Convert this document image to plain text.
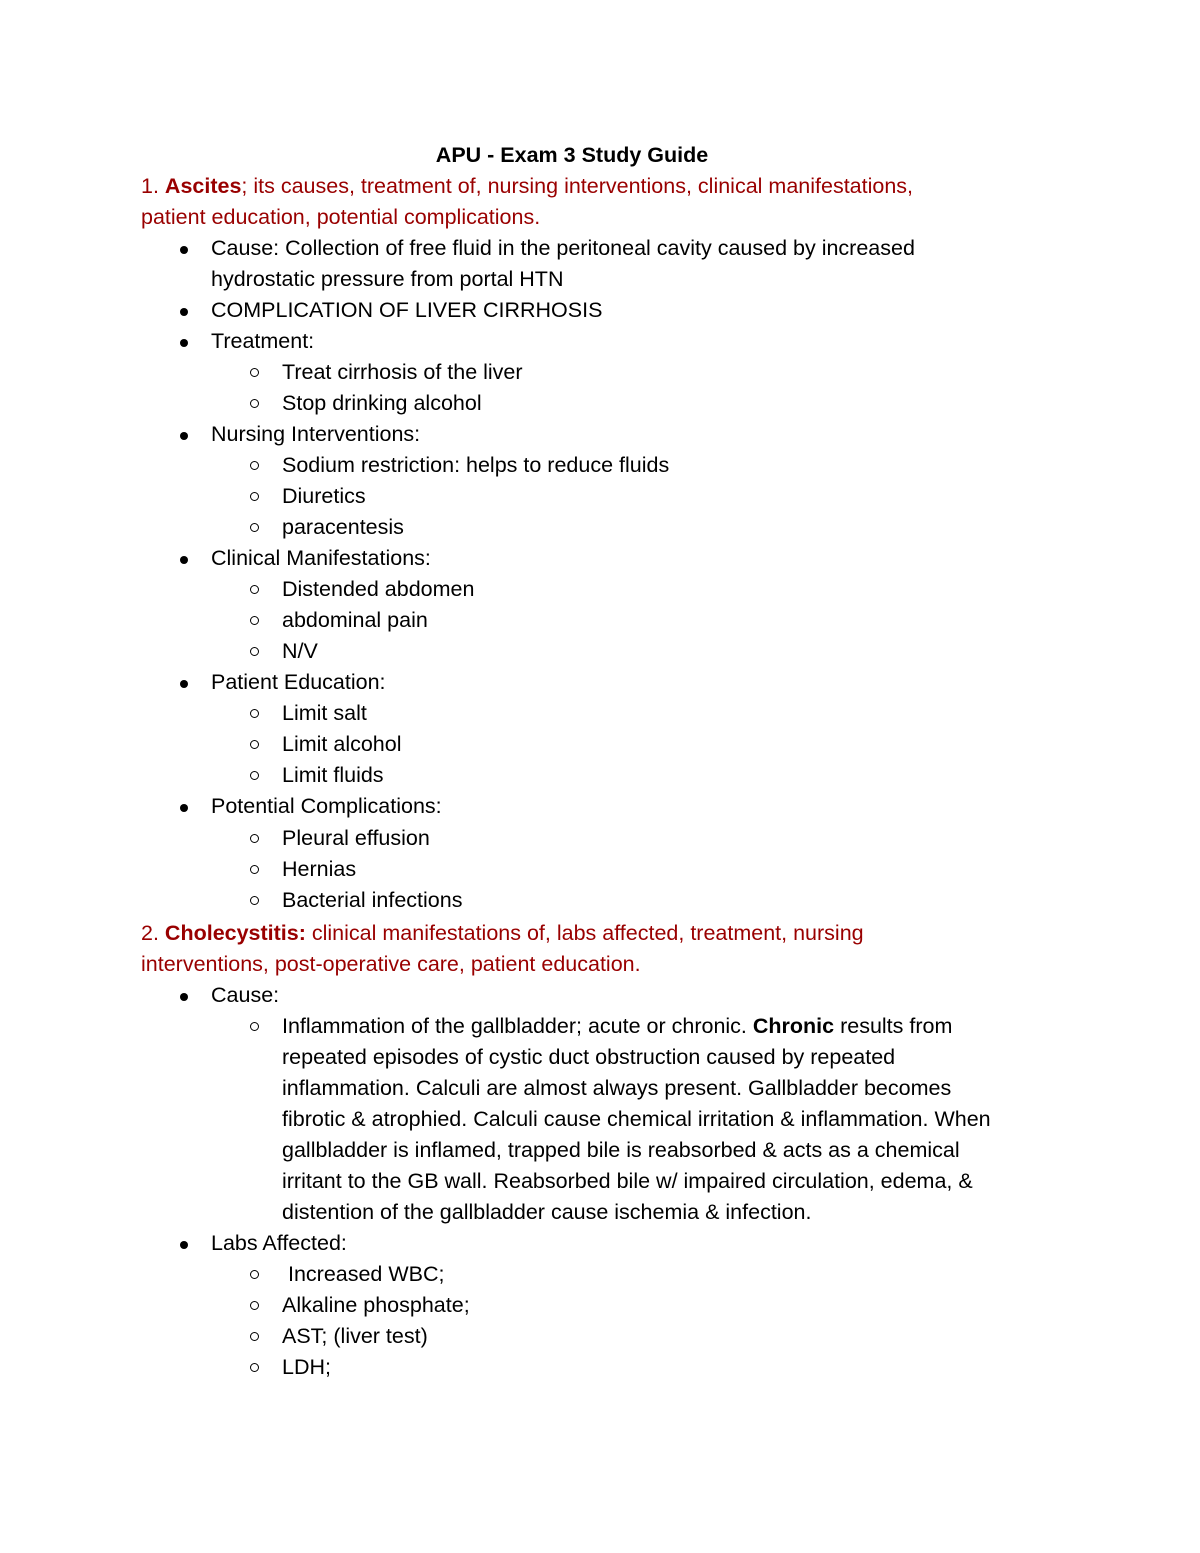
APU - Exam 3 Study Guide
1. Ascites; its causes, treatment of, nursing interventions, clinical manifestations,
patient education, potential complications.
Cause: Collection of free fluid in the peritoneal cavity caused by increased
hydrostatic pressure from portal HTN
COMPLICATION OF LIVER CIRRHOSIS
Treatment:
Treat cirrhosis of the liver
Stop drinking alcohol
Nursing Interventions:
Sodium restriction: helps to reduce fluids
Diuretics
paracentesis
Clinical Manifestations:
Distended abdomen
abdominal pain
N/V
Patient Education:
Limit salt
Limit alcohol
Limit fluids
Potential Complications:
Pleural effusion
Hernias
Bacterial infections
2. Cholecystitis: clinical manifestations of, labs affected, treatment, nursing
interventions, post-operative care, patient education.
Cause:
Inflammation of the gallbladder; acute or chronic. Chronic results from
repeated episodes of cystic duct obstruction caused by repeated
inflammation. Calculi are almost always present. Gallbladder becomes
fibrotic & atrophied. Calculi cause chemical irritation & inflammation. When
gallbladder is inflamed, trapped bile is reabsorbed & acts as a chemical
irritant to the GB wall. Reabsorbed bile w/ impaired circulation, edema, &
distention of the gallbladder cause ischemia & infection.
Labs Affected:
Increased WBC;
Alkaline phosphate;
AST; (liver test)
LDH;
